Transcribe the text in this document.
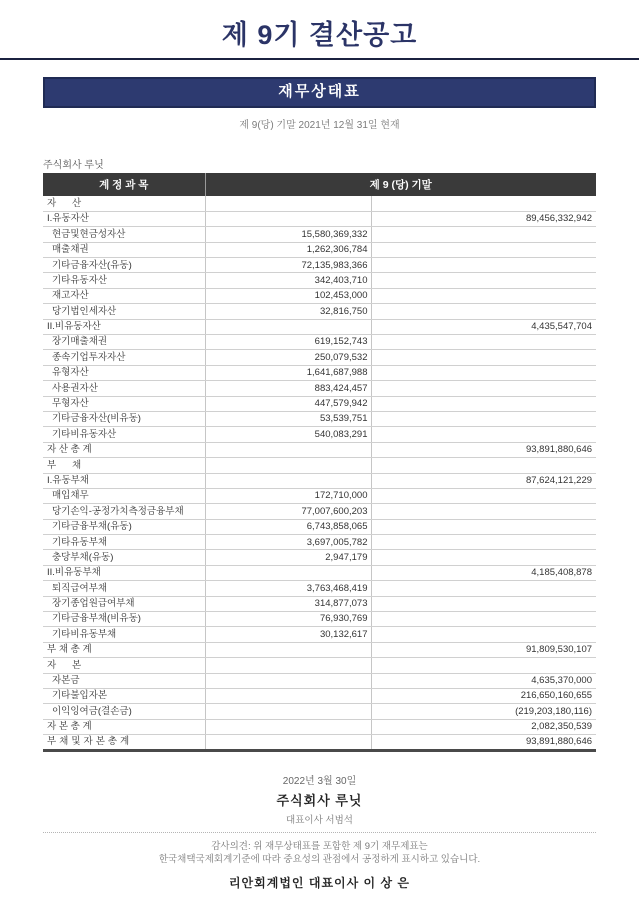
제 9기 결산공고
재무상태표
제 9(당) 기말 2021년 12월 31일 현재
주식회사 루닛
계 정 과 목	제 9 (당) 기말	
자      산		
I.유동자산		89,456,332,942
현금및현금성자산	15,580,369,332	
매출채권	1,262,306,784	
기타금융자산(유동)	72,135,983,366	
기타유동자산	342,403,710	
재고자산	102,453,000	
당기법인세자산	32,816,750	
II.비유동자산		4,435,547,704
장기매출채권	619,152,743	
종속기업투자자산	250,079,532	
유형자산	1,641,687,988	
사용권자산	883,424,457	
무형자산	447,579,942	
기타금융자산(비유동)	53,539,751	
기타비유동자산	540,083,291	
자 산 총 계		93,891,880,646
부      채		
I.유동부채		87,624,121,229
매입채무	172,710,000	
당기손익-공정가치측정금융부채	77,007,600,203	
기타금융부채(유동)	6,743,858,065	
기타유동부채	3,697,005,782	
충당부채(유동)	2,947,179	
II.비유동부채		4,185,408,878
퇴직급여부채	3,763,468,419	
장기종업원급여부채	314,877,073	
기타금융부채(비유동)	76,930,769	
기타비유동부채	30,132,617	
부 채 총 계		91,809,530,107
자      본		
자본금		4,635,370,000
기타불입자본		216,650,160,655
이익잉여금(결손금)		(219,203,180,116)
자 본 총 계		2,082,350,539
부채및자본총계		93,891,880,646
2022년 3월 30일
주식회사 루닛
대표이사 서범석
감사의견: 위 재무상태표를 포함한 제 9기 재무제표는
한국채택국제회계기준에 따라 중요성의 관점에서 공정하게 표시하고 있습니다.
리안회계법인 대표이사 이 상 은
